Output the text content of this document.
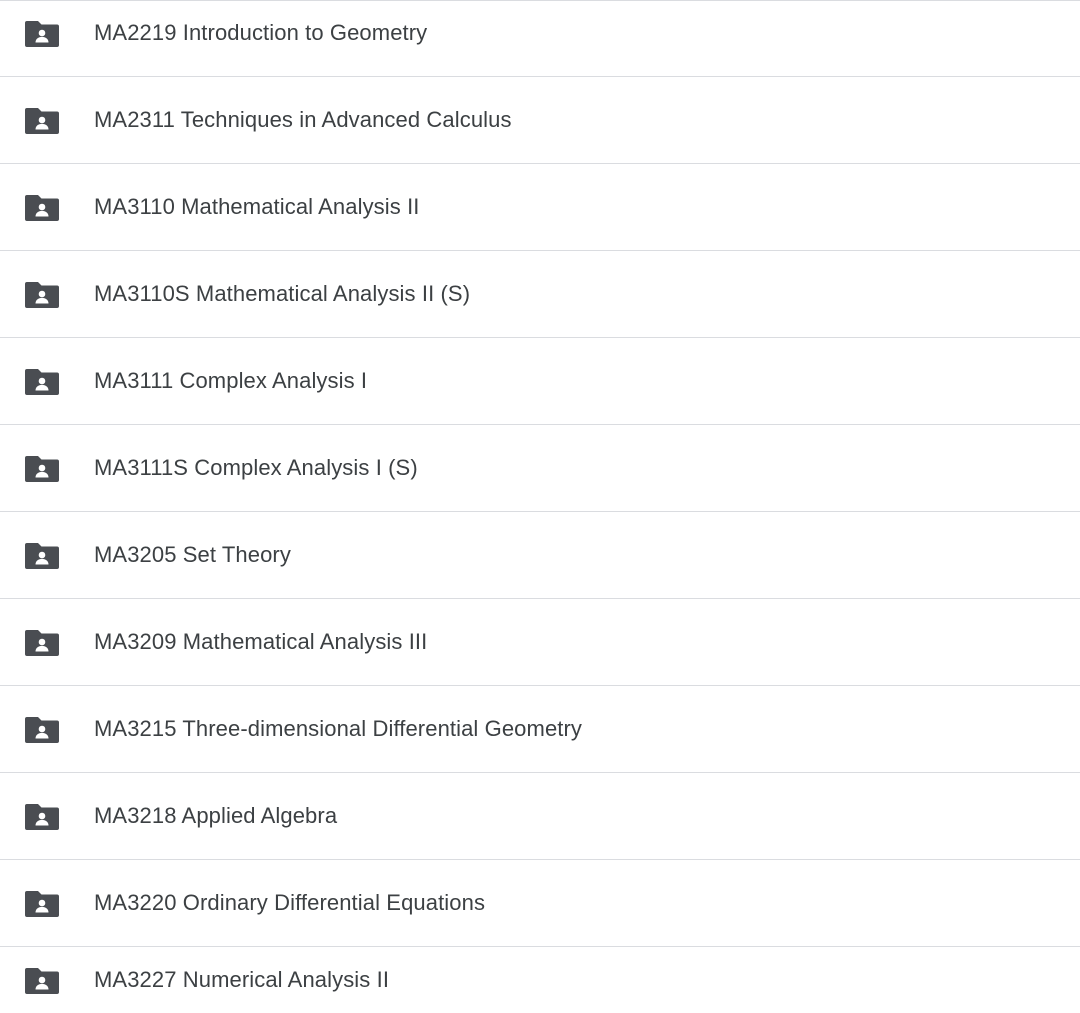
MA2219 Introduction to Geometry
MA2311 Techniques in Advanced Calculus
MA3110 Mathematical Analysis II
MA3110S Mathematical Analysis II (S)
MA3111 Complex Analysis I
MA3111S Complex Analysis I (S)
MA3205 Set Theory
MA3209 Mathematical Analysis III
MA3215 Three-dimensional Differential Geometry
MA3218 Applied Algebra
MA3220 Ordinary Differential Equations
MA3227 Numerical Analysis II
